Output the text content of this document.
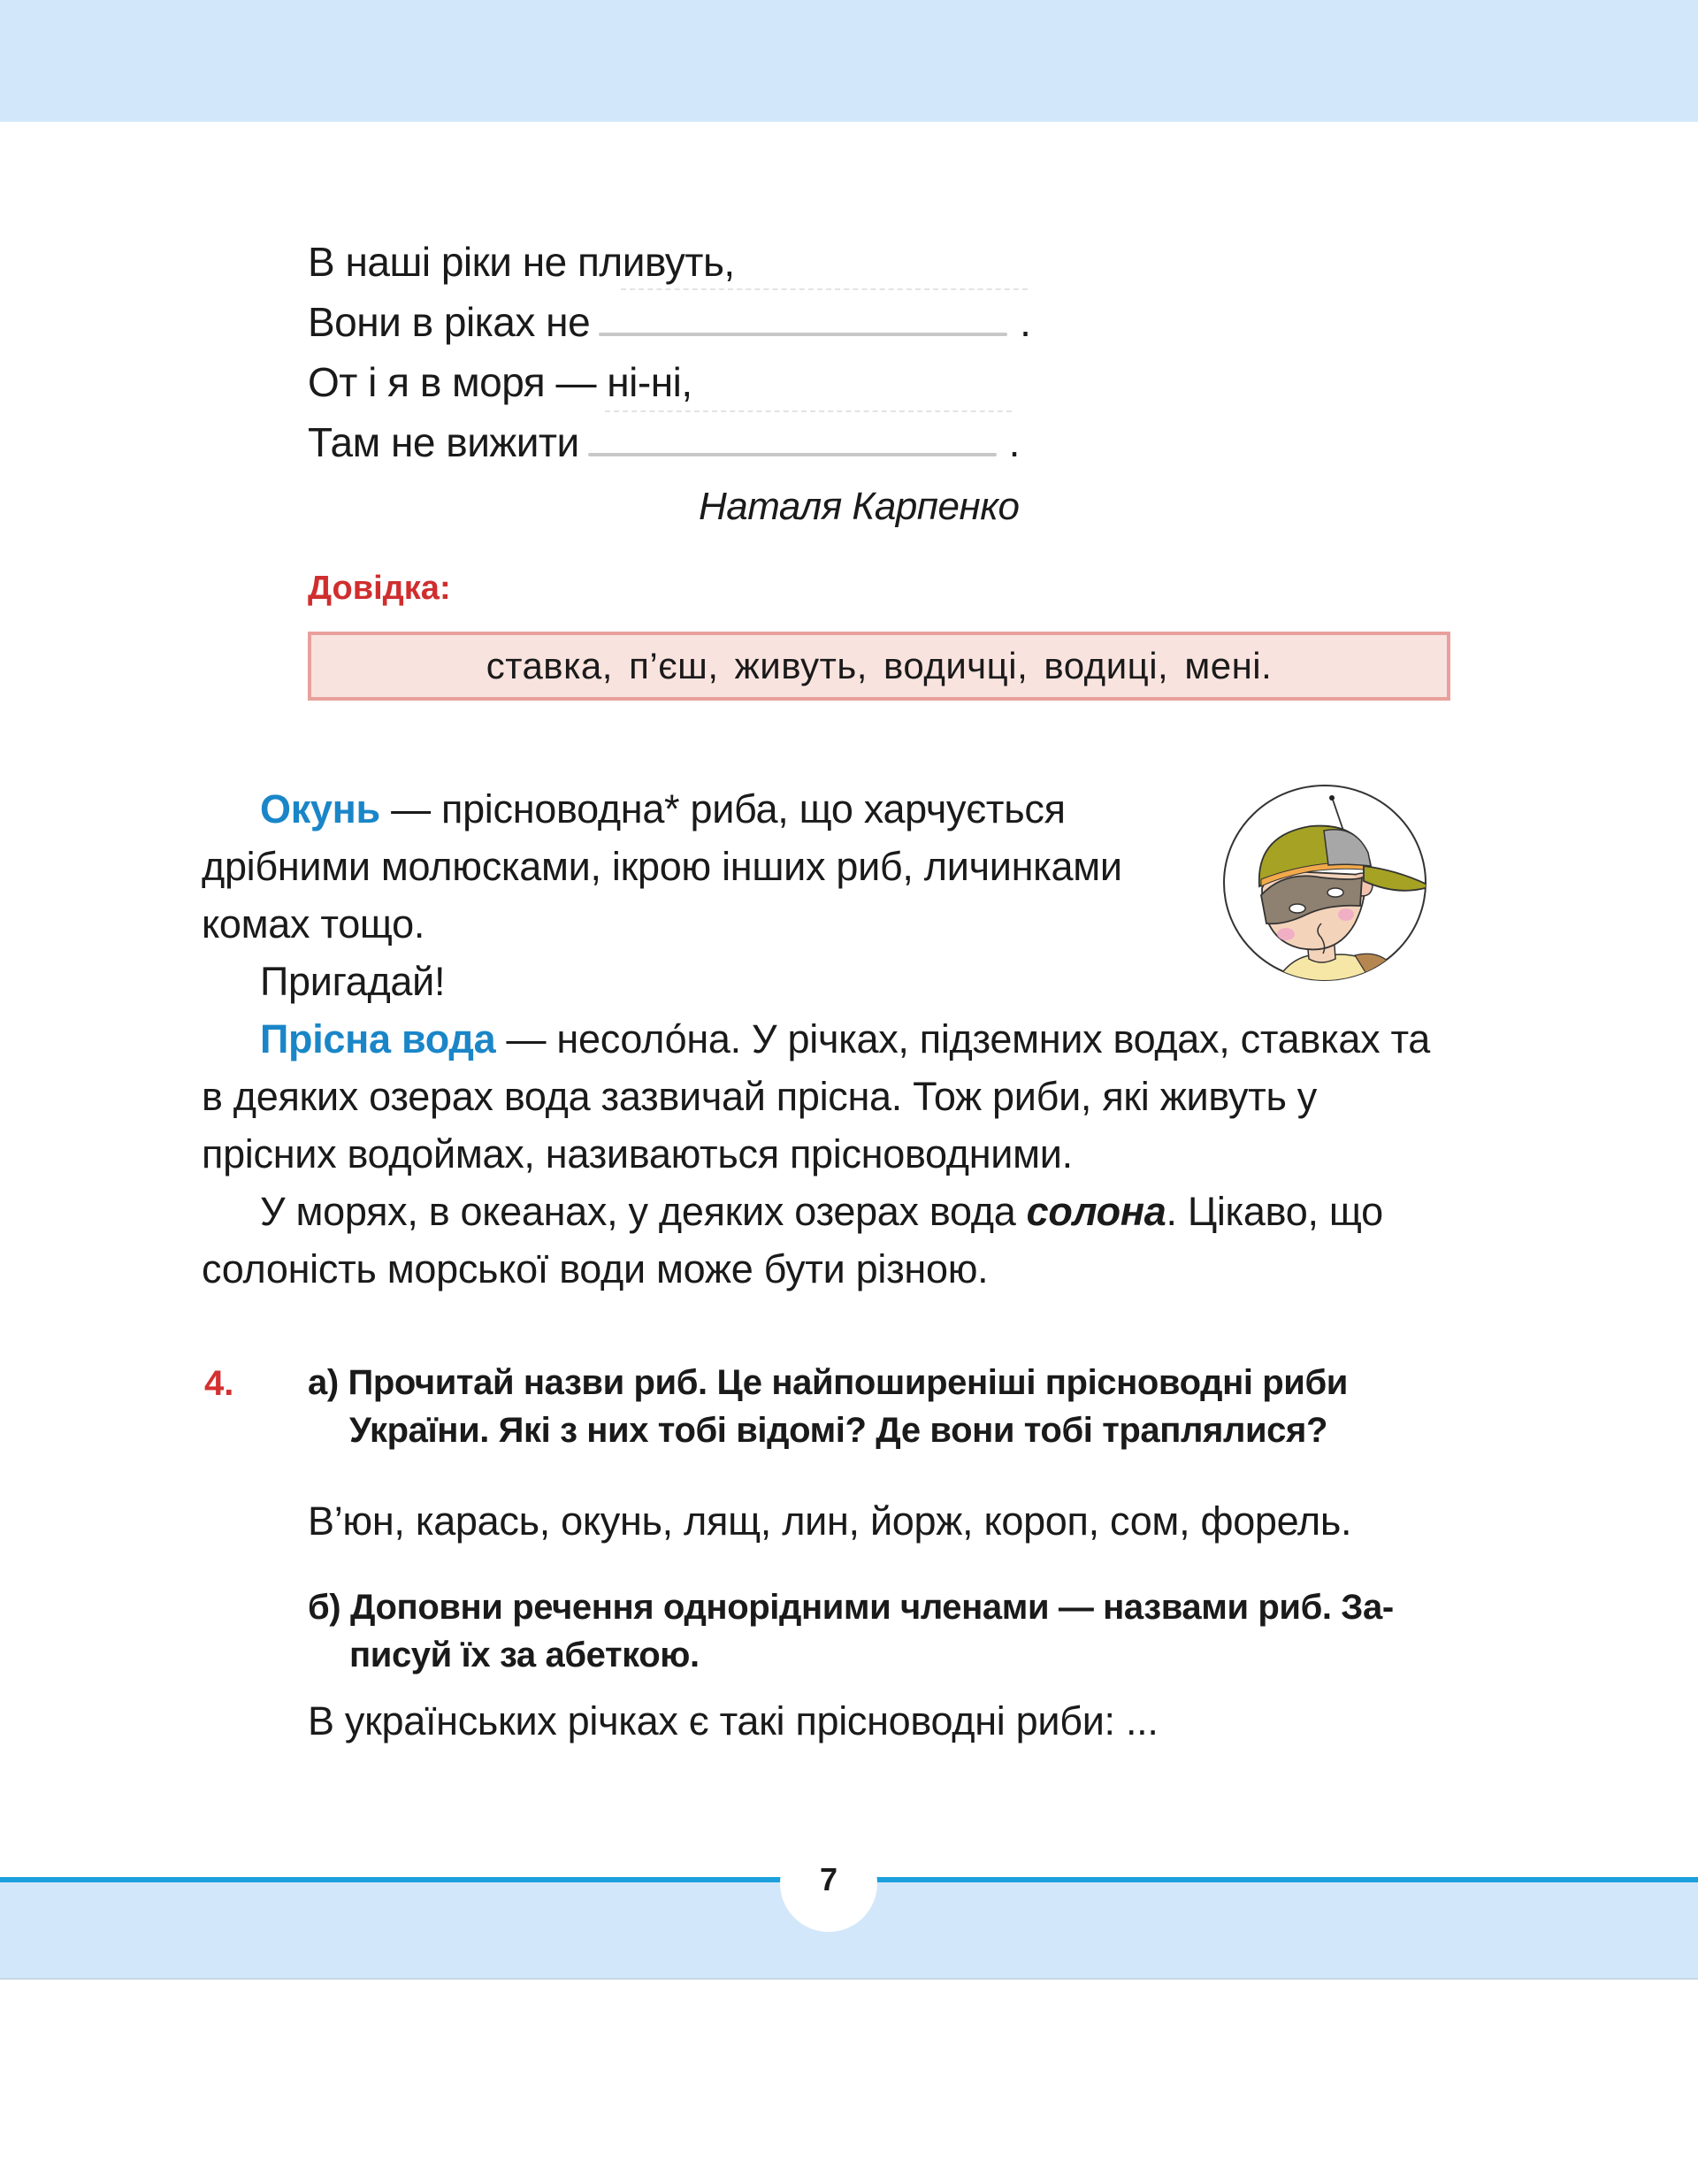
В наші ріки не пливуть,
Вони в ріках не	.
От і я в моря — ні-ні,
Там не вижити	.
Наталя Карпенко
Довідка:
ставка, п’єш, живуть, водичці, водиці, мені.

Окунь — прісноводна* риба, що харчується дрібними молюсками, ікрою інших риб, личинками комах тощо.

Пригадай!

Прісна вода — несоло́на. У річках, підземних водах, ставках та в деяких озерах вода зазвичай прісна. Тож риби, які живуть у прісних водоймах, називаються прісноводними.

У морях, в океанах, у деяких озерах вода солона. Цікаво, що солоність морської води може бути різною.

4. а) Прочитай назви риб. Це найпоширеніші прісноводні риби України. Які з них тобі відомі? Де вони тобі траплялися?

В’юн, карась, окунь, лящ, лин, йорж, короп, сом, форель.

б) Доповни речення однорідними членами — назвами риб. Записуй їх за абеткою.

В українських річках є такі прісноводні риби: ...
7
